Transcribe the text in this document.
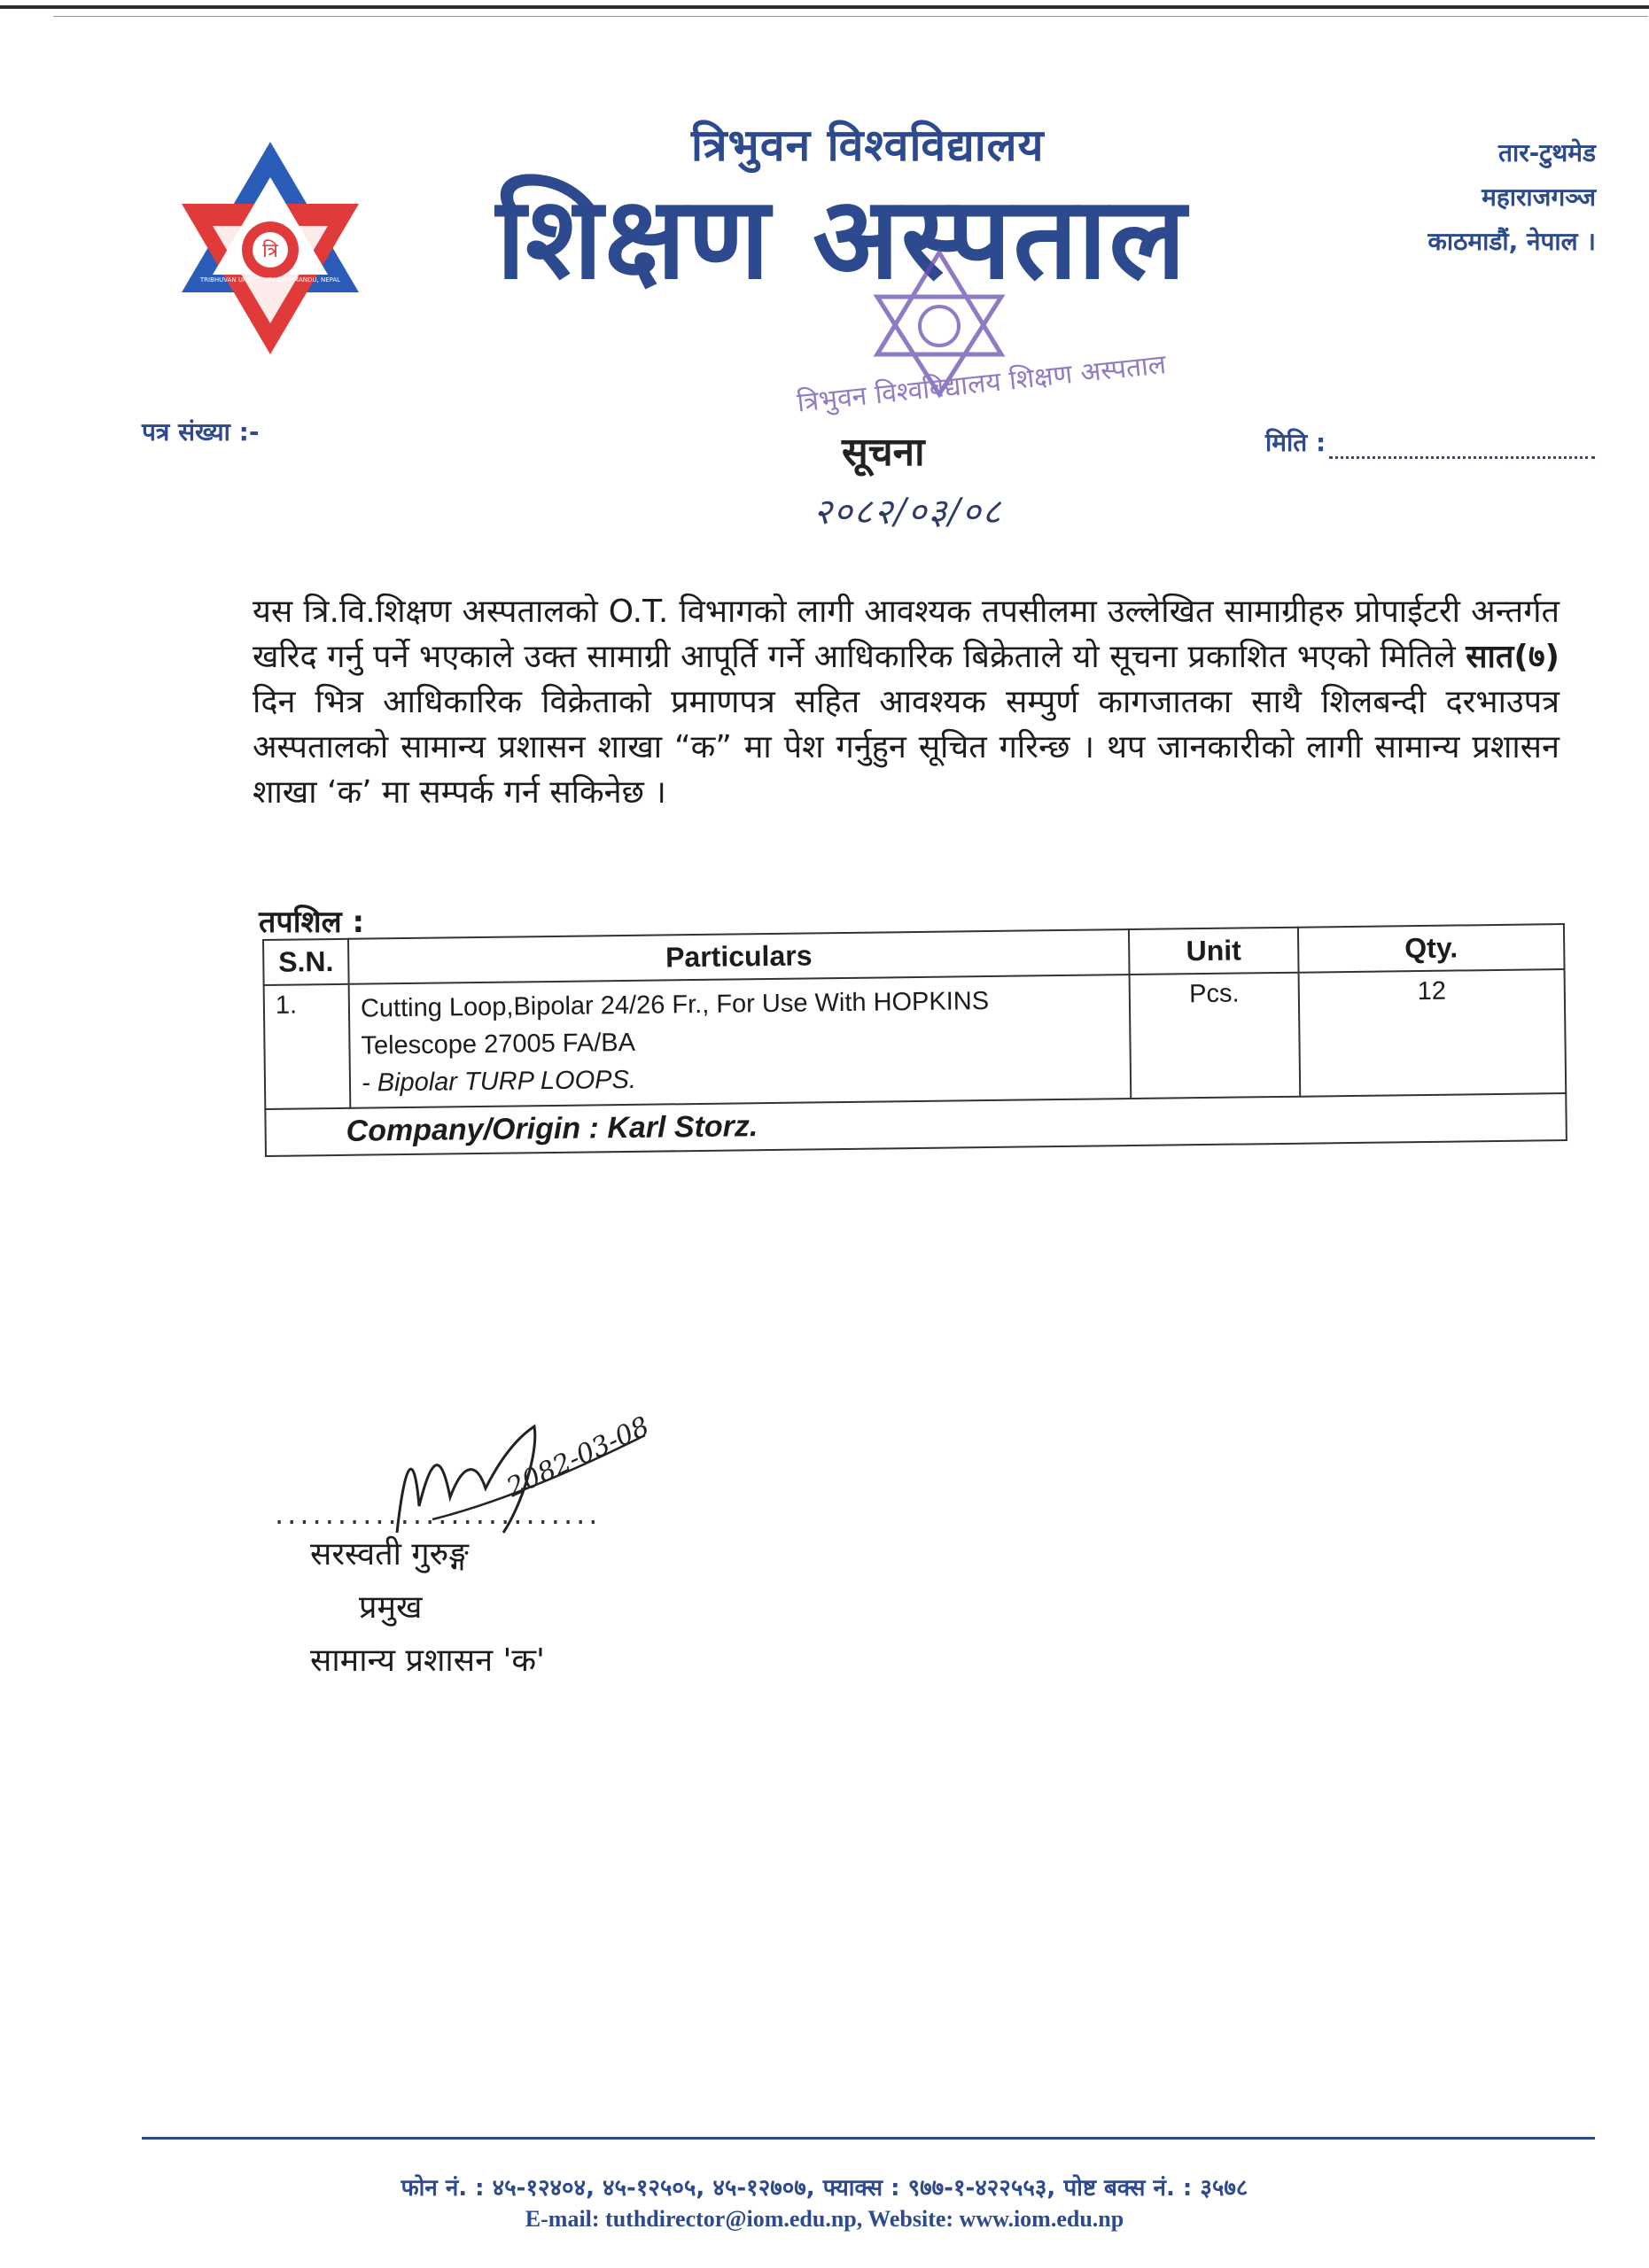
त्रि
TRIBHUVAN UNIVERSITY KATHMANDU, NEPAL
त्रिभुवन विश्वविद्यालय
शिक्षण अस्पताल
तार-टुथमेड
महाराजगञ्ज
काठमाडौं, नेपाल ।
त्रिभुवन विश्वविद्यालय शिक्षण अस्पताल
पत्र संख्या :-	सूचना	मिति :
२०८२/०३/०८
यस त्रि.वि.शिक्षण अस्पतालको O.T. विभागको लागी आवश्यक तपसीलमा उल्लेखित सामाग्रीहरु प्रोपाईटरी अन्तर्गत खरिद गर्नु पर्ने भएकाले उक्त सामाग्री आपूर्ति गर्ने आधिकारिक बिक्रेताले यो सूचना प्रकाशित भएको मितिले सात(७) दिन भित्र आधिकारिक विक्रेताको प्रमाणपत्र सहित आवश्यक सम्पुर्ण कागजातका साथै शिलबन्दी दरभाउपत्र अस्पतालको सामान्य प्रशासन शाखा “क” मा पेश गर्नुहुन सूचित गरिन्छ । थप जानकारीको लागी सामान्य प्रशासन शाखा ‘क’ मा सम्पर्क गर्न सकिनेछ ।
तपशिल :
S.N.	Particulars	Unit	Qty.
1.	Cutting Loop,Bipolar 24/26 Fr., For Use With HOPKINS
Telescope 27005 FA/BA
- Bipolar TURP LOOPS.	Pcs.	12
Company/Origin : Karl Storz.			
..........................
2082-03-08
सरस्वती गुरुङ्ग
प्रमुख
सामान्य प्रशासन 'क'
फोन नं. : ४५-१२४०४, ४५-१२५०५, ४५-१२७०७, फ्याक्स : ९७७-१-४२२५५३, पोष्ट बक्स नं. : ३५७८
E-mail: tuthdirector@iom.edu.np, Website: www.iom.edu.np
